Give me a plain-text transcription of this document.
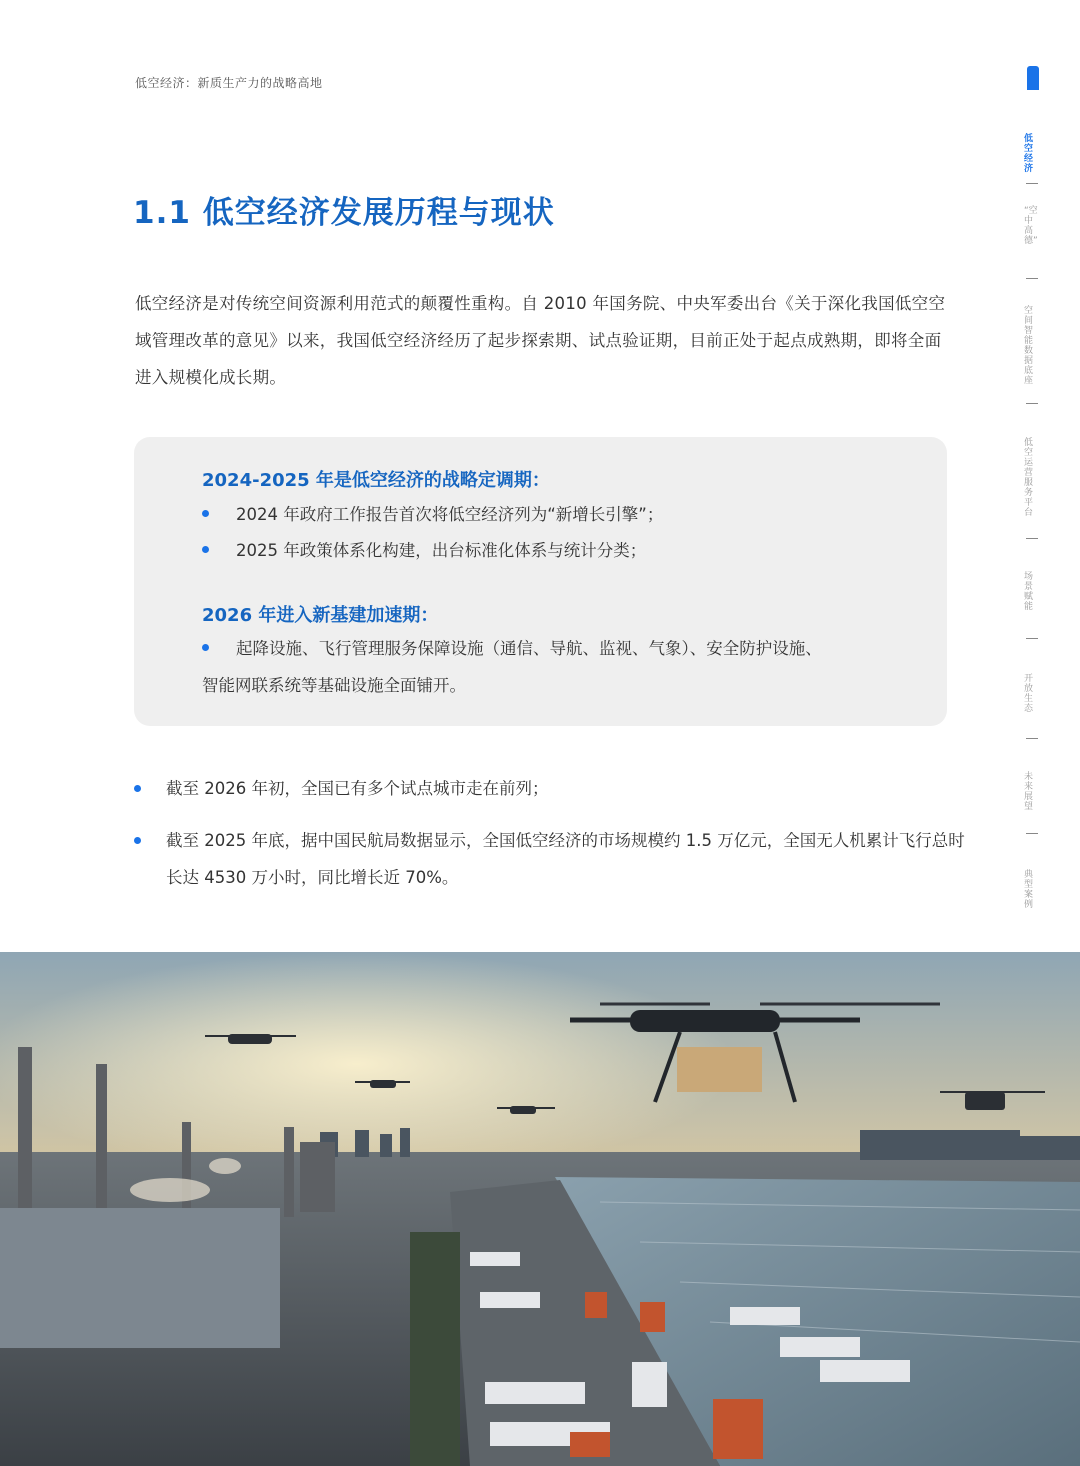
低空经济：新质生产力的战略高地
1.1 低空经济发展历程与现状

低空经济是对传统空间资源利用范式的颠覆性重构。自 2010 年国务院、中央军委出台《关于深化我国低空空域管理改革的意见》以来，我国低空经济经历了起步探索期、试点验证期，目前正处于起点成熟期，即将全面进入规模化成长期。

2024-2025 年是低空经济的战略定调期：
2024 年政府工作报告首次将低空经济列为“新增长引擎”；
2025 年政策体系化构建，出台标准化体系与统计分类；
2026 年进入新基建加速期：
起降设施、飞行管理服务保障设施（通信、导航、监视、气象）、安全防护设施、
智能网联系统等基础设施全面铺开。
截至 2026 年初，全国已有多个试点城市走在前列；
截至 2025 年底，据中国民航局数据显示，全国低空经济的市场规模约 1.5 万亿元，全国无人机累计飞行总时长达 4530 万小时，同比增长近 70%。
低空经济
“空中高德”
空间智能数据底座
低空运营服务平台
场景赋能
开放生态
未来展望
典型案例
